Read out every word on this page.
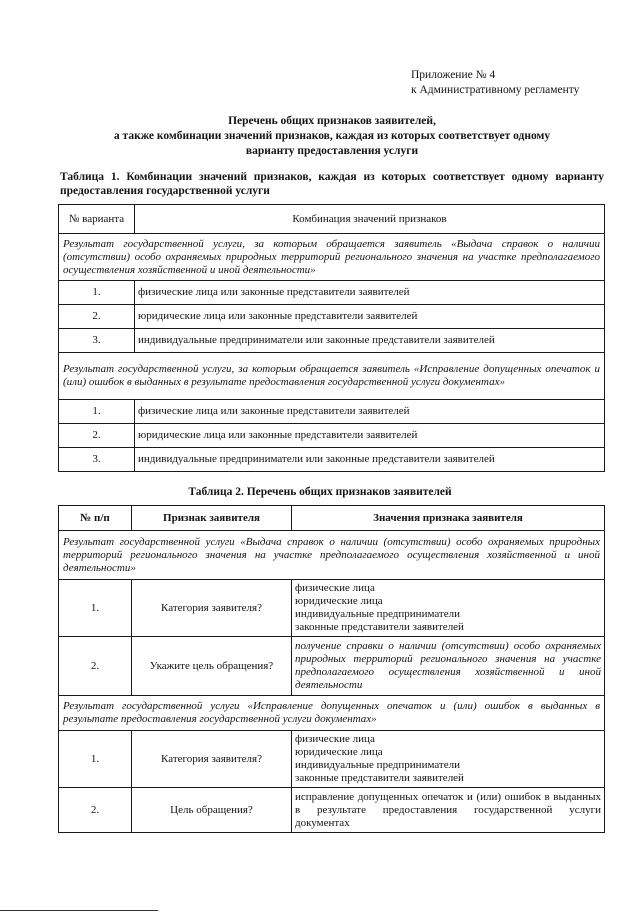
Приложение № 4
к Административному регламенту
Перечень общих признаков заявителей,
а также комбинации значений признаков, каждая из которых соответствует одному
варианту предоставления услуги
Таблица 1. Комбинации значений признаков, каждая из которых соответствует одному варианту предоставления государственной услуги
№ варианта	Комбинация значений признаков
Результат государственной услуги, за которым обращается заявитель «Выдача справок о наличии (отсутствии) особо охраняемых природных территорий регионального значения на участке предполагаемого осуществления хозяйственной и иной деятельности»	
1.	физические лица или законные представители заявителей
2.	юридические лица или законные представители заявителей
3.	индивидуальные предприниматели или законные представители заявителей
Результат государственной услуги, за которым обращается заявитель «Исправление допущенных опечаток и (или) ошибок в выданных в результате предоставления государственной услуги документах»	
1.	физические лица или законные представители заявителей
2.	юридические лица или законные представители заявителей
3.	индивидуальные предприниматели или законные представители заявителей
Таблица 2. Перечень общих признаков заявителей
№ п/п	Признак заявителя	Значения признака заявителя
Результат государственной услуги «Выдача справок о наличии (отсутствии) особо охраняемых природных территорий регионального значения на участке предполагаемого осуществления хозяйственной и иной деятельности»		
1.	Категория заявителя?	физические лица
юридические лица
индивидуальные предприниматели
законные представители заявителей

2.	Укажите цель обращения?	получение справки о наличии (отсутствии) особо охраняемых природных территорий регионального значения на участке предполагаемого осуществления хозяйственной и иной деятельности
Результат государственной услуги «Исправление допущенных опечаток и (или) ошибок в выданных в результате предоставления государственной услуги документах»		
1.	Категория заявителя?	физические лица
юридические лица
индивидуальные предприниматели
законные представители заявителей

2.	Цель обращения?	исправление допущенных опечаток и (или) ошибок в выданных в результате предоставления государственной услуги документах
